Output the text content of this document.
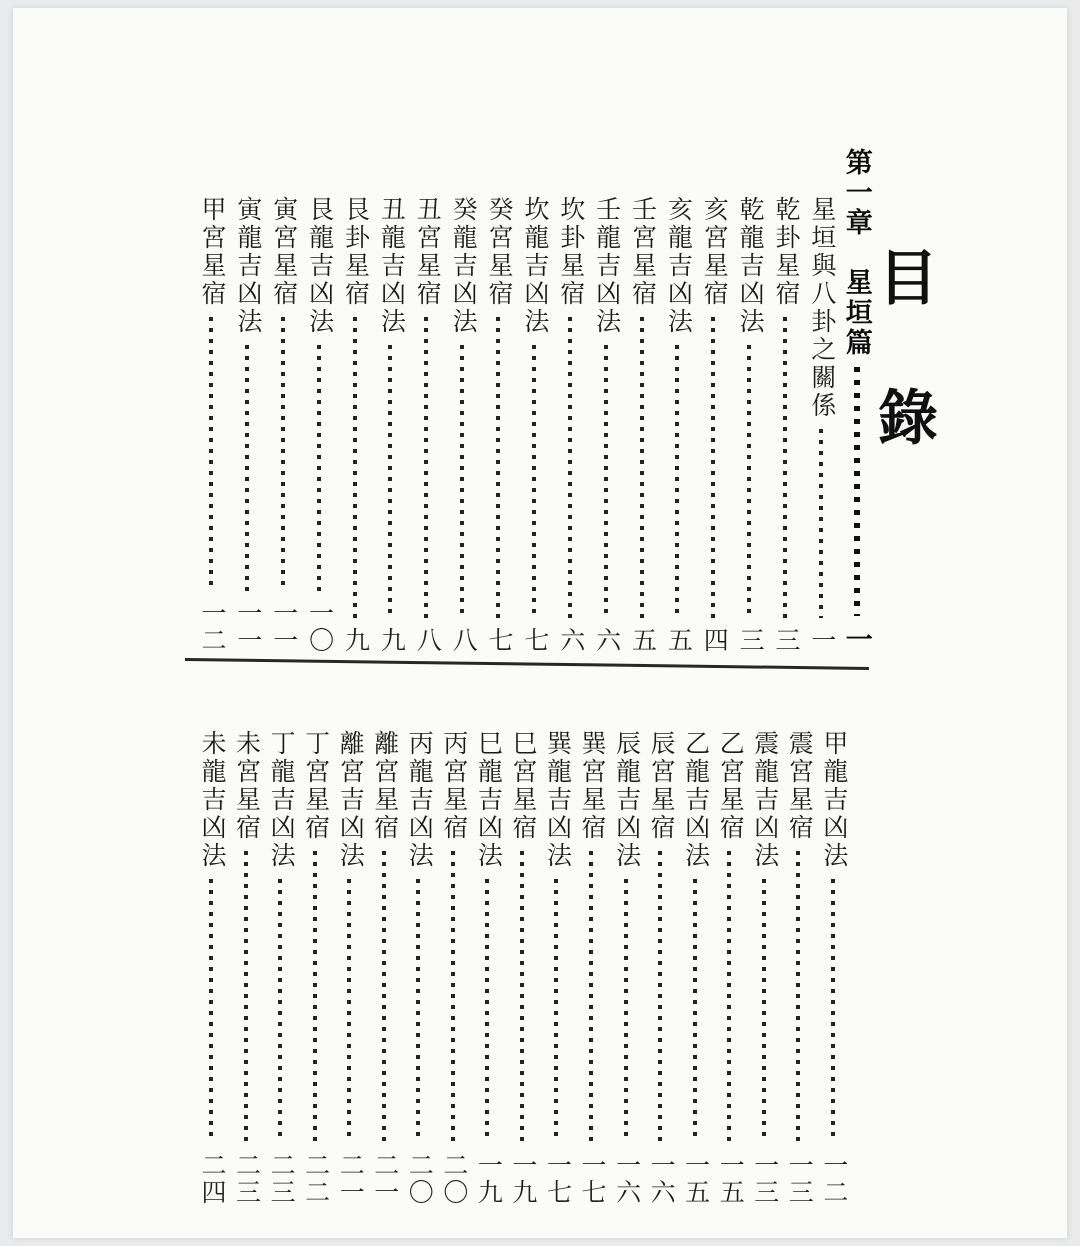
目錄
第一章　星垣篇
一
星垣與八卦之關係
一
乾卦星宿
三
乾龍吉凶法
三
亥宮星宿
四
亥龍吉凶法
五
壬宮星宿
五
壬龍吉凶法
六
坎卦星宿
六
坎龍吉凶法
七
癸宮星宿
七
癸龍吉凶法
八
丑宮星宿
八
丑龍吉凶法
九
艮卦星宿
九
艮龍吉凶法
一〇
寅宮星宿
一一
寅龍吉凶法
一一
甲宮星宿
一二
甲龍吉凶法
一二
震宮星宿
一三
震龍吉凶法
一三
乙宮星宿
一五
乙龍吉凶法
一五
辰宮星宿
一六
辰龍吉凶法
一六
巽宮星宿
一七
巽龍吉凶法
一七
巳宮星宿
一九
巳龍吉凶法
一九
丙宮星宿
二〇
丙龍吉凶法
二〇
離宮星宿
二一
離宮吉凶法
二一
丁宮星宿
二二
丁龍吉凶法
二三
未宮星宿
二三
未龍吉凶法
二四
